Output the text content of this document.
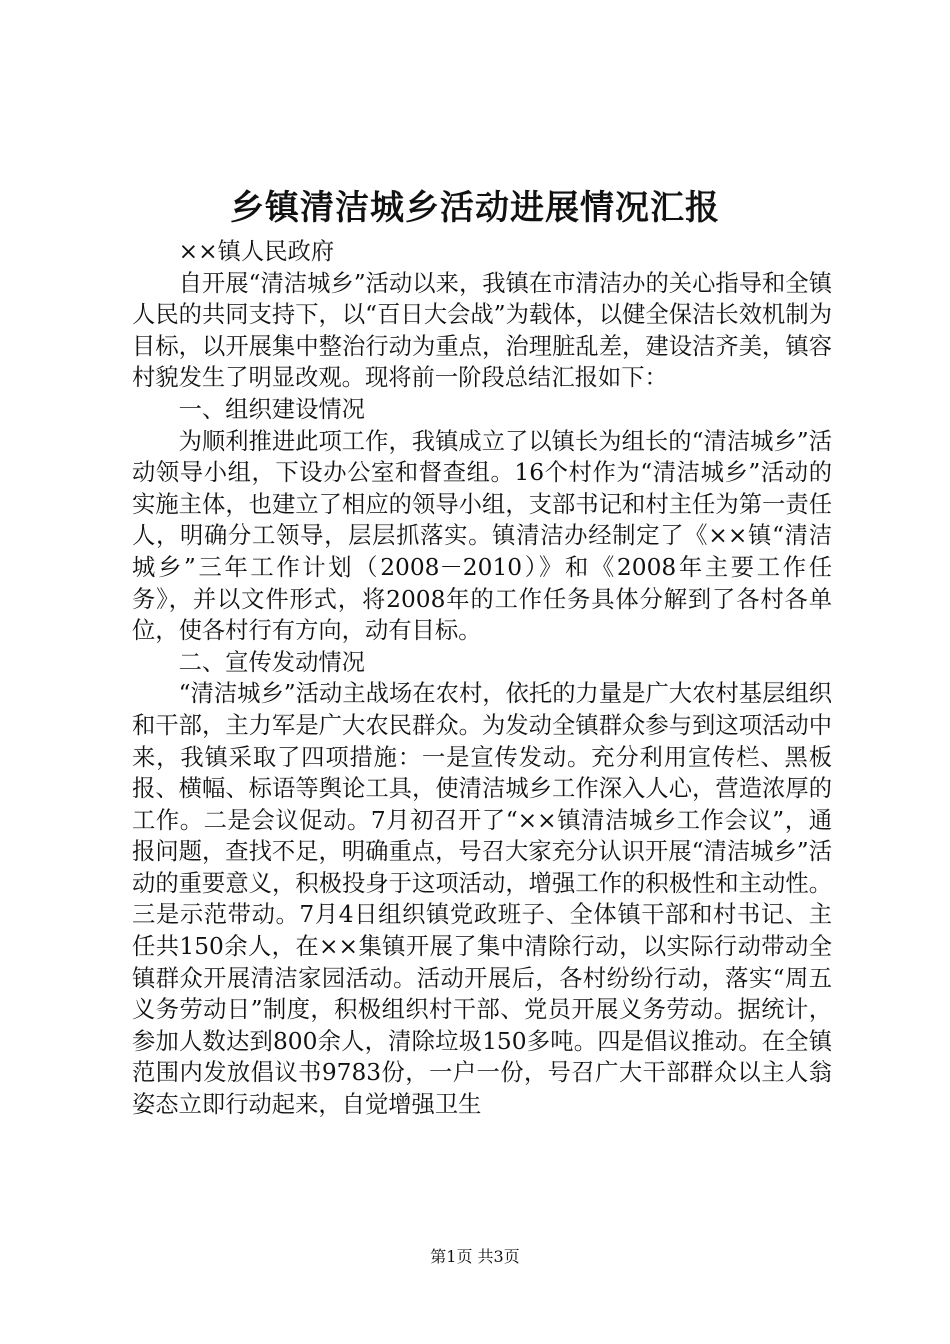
乡镇清洁城乡活动进展情况汇报

××镇人民政府

自开展“清洁城乡”活动以来，我镇在市清洁办的关心指导和全镇人民的共同支持下，以“百日大会战”为载体，以健全保洁长效机制为目标，以开展集中整治行动为重点，治理脏乱差，建设洁齐美，镇容村貌发生了明显改观。现将前一阶段总结汇报如下：

一、组织建设情况

为顺利推进此项工作，我镇成立了以镇长为组长的“清洁城乡”活动领导小组，下设办公室和督查组。16个村作为“清洁城乡”活动的实施主体，也建立了相应的领导小组，支部书记和村主任为第一责任人，明确分工领导，层层抓落实。镇清洁办经制定了《××镇“清洁城乡”三年工作计划（2008－2010）》和《2008年主要工作任务》，并以文件形式，将2008年的工作任务具体分解到了各村各单位，使各村行有方向，动有目标。

二、宣传发动情况

“清洁城乡”活动主战场在农村，依托的力量是广大农村基层组织和干部，主力军是广大农民群众。为发动全镇群众参与到这项活动中来，我镇采取了四项措施：一是宣传发动。充分利用宣传栏、黑板报、横幅、标语等舆论工具，使清洁城乡工作深入人心，营造浓厚的工作。二是会议促动。7月初召开了“××镇清洁城乡工作会议”，通报问题，查找不足，明确重点，号召大家充分认识开展“清洁城乡”活动的重要意义，积极投身于这项活动，增强工作的积极性和主动性。三是示范带动。7月4日组织镇党政班子、全体镇干部和村书记、主任共150余人，在××集镇开展了集中清除行动，以实际行动带动全镇群众开展清洁家园活动。活动开展后，各村纷纷行动，落实“周五义务劳动日”制度，积极组织村干部、党员开展义务劳动。据统计，参加人数达到800余人，清除垃圾150多吨。四是倡议推动。在全镇范围内发放倡议书9783份，一户一份，号召广大干部群众以主人翁姿态立即行动起来，自觉增强卫生

第1页 共3页
